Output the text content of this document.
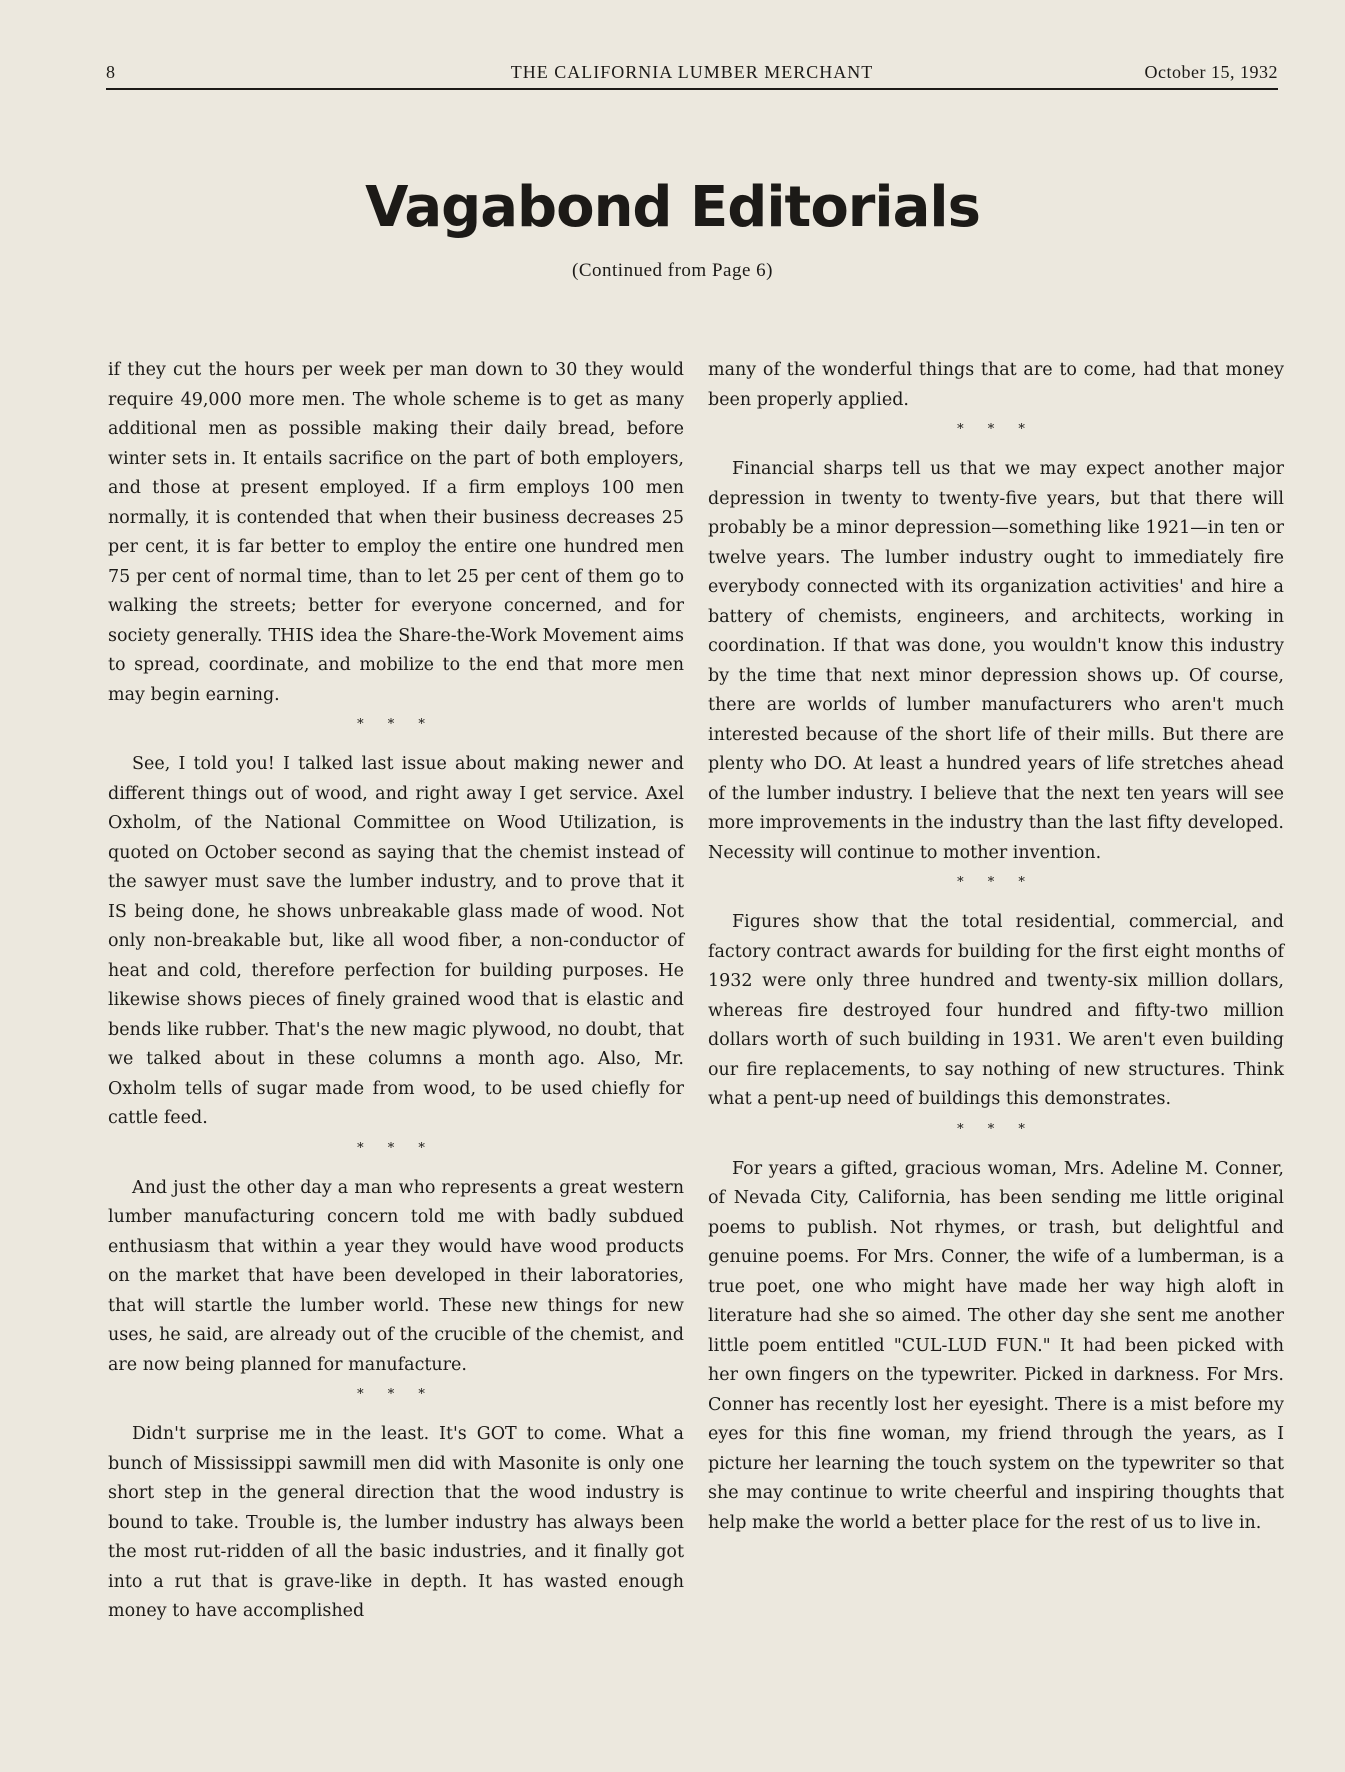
8	THE CALIFORNIA LUMBER MERCHANT	October 15, 1932
Vagabond Editorials
(Continued from Page 6)

if they cut the hours per week per man down to 30 they would require 49,000 more men. The whole scheme is to get as many additional men as possible making their daily bread, before winter sets in. It entails sacrifice on the part of both employers, and those at present employed. If a firm employs 100 men normally, it is contended that when their business decreases 25 per cent, it is far better to employ the entire one hundred men 75 per cent of normal time, than to let 25 per cent of them go to walking the streets; better for everyone concerned, and for society generally. THIS idea the Share-the-Work Movement aims to spread, coordinate, and mobilize to the end that more men may begin earning.

* * *

See, I told you! I talked last issue about making newer and different things out of wood, and right away I get service. Axel Oxholm, of the National Committee on Wood Utilization, is quoted on October second as saying that the chemist instead of the sawyer must save the lumber industry, and to prove that it IS being done, he shows unbreakable glass made of wood. Not only non-breakable but, like all wood fiber, a non-conductor of heat and cold, therefore perfection for building purposes. He likewise shows pieces of finely grained wood that is elastic and bends like rubber. That's the new magic plywood, no doubt, that we talked about in these columns a month ago. Also, Mr. Oxholm tells of sugar made from wood, to be used chiefly for cattle feed.

* * *

And just the other day a man who represents a great western lumber manufacturing concern told me with badly subdued enthusiasm that within a year they would have wood products on the market that have been developed in their laboratories, that will startle the lumber world. These new things for new uses, he said, are already out of the crucible of the chemist, and are now being planned for manufacture.

* * *

Didn't surprise me in the least. It's GOT to come. What a bunch of Mississippi sawmill men did with Masonite is only one short step in the general direction that the wood industry is bound to take. Trouble is, the lumber industry has always been the most rut-ridden of all the basic industries, and it finally got into a rut that is grave-like in depth. It has wasted enough money to have accomplished

many of the wonderful things that are to come, had that money been properly applied.

* * *

Financial sharps tell us that we may expect another major depression in twenty to twenty-five years, but that there will probably be a minor depression—something like 1921—in ten or twelve years. The lumber industry ought to immediately fire everybody connected with its organization activities' and hire a battery of chemists, engineers, and architects, working in coordination. If that was done, you wouldn't know this industry by the time that next minor depression shows up. Of course, there are worlds of lumber manufacturers who aren't much interested because of the short life of their mills. But there are plenty who DO. At least a hundred years of life stretches ahead of the lumber industry. I believe that the next ten years will see more improvements in the industry than the last fifty developed. Necessity will continue to mother invention.

* * *

Figures show that the total residential, commercial, and factory contract awards for building for the first eight months of 1932 were only three hundred and twenty-six million dollars, whereas fire destroyed four hundred and fifty-two million dollars worth of such building in 1931. We aren't even building our fire replacements, to say nothing of new structures. Think what a pent-up need of buildings this demonstrates.

* * *

For years a gifted, gracious woman, Mrs. Adeline M. Conner, of Nevada City, California, has been sending me little original poems to publish. Not rhymes, or trash, but delightful and genuine poems. For Mrs. Conner, the wife of a lumberman, is a true poet, one who might have made her way high aloft in literature had she so aimed. The other day she sent me another little poem entitled "CUL-LUD FUN." It had been picked with her own fingers on the typewriter. Picked in darkness. For Mrs. Conner has recently lost her eyesight. There is a mist before my eyes for this fine woman, my friend through the years, as I picture her learning the touch system on the typewriter so that she may continue to write cheerful and inspiring thoughts that help make the world a better place for the rest of us to live in.
